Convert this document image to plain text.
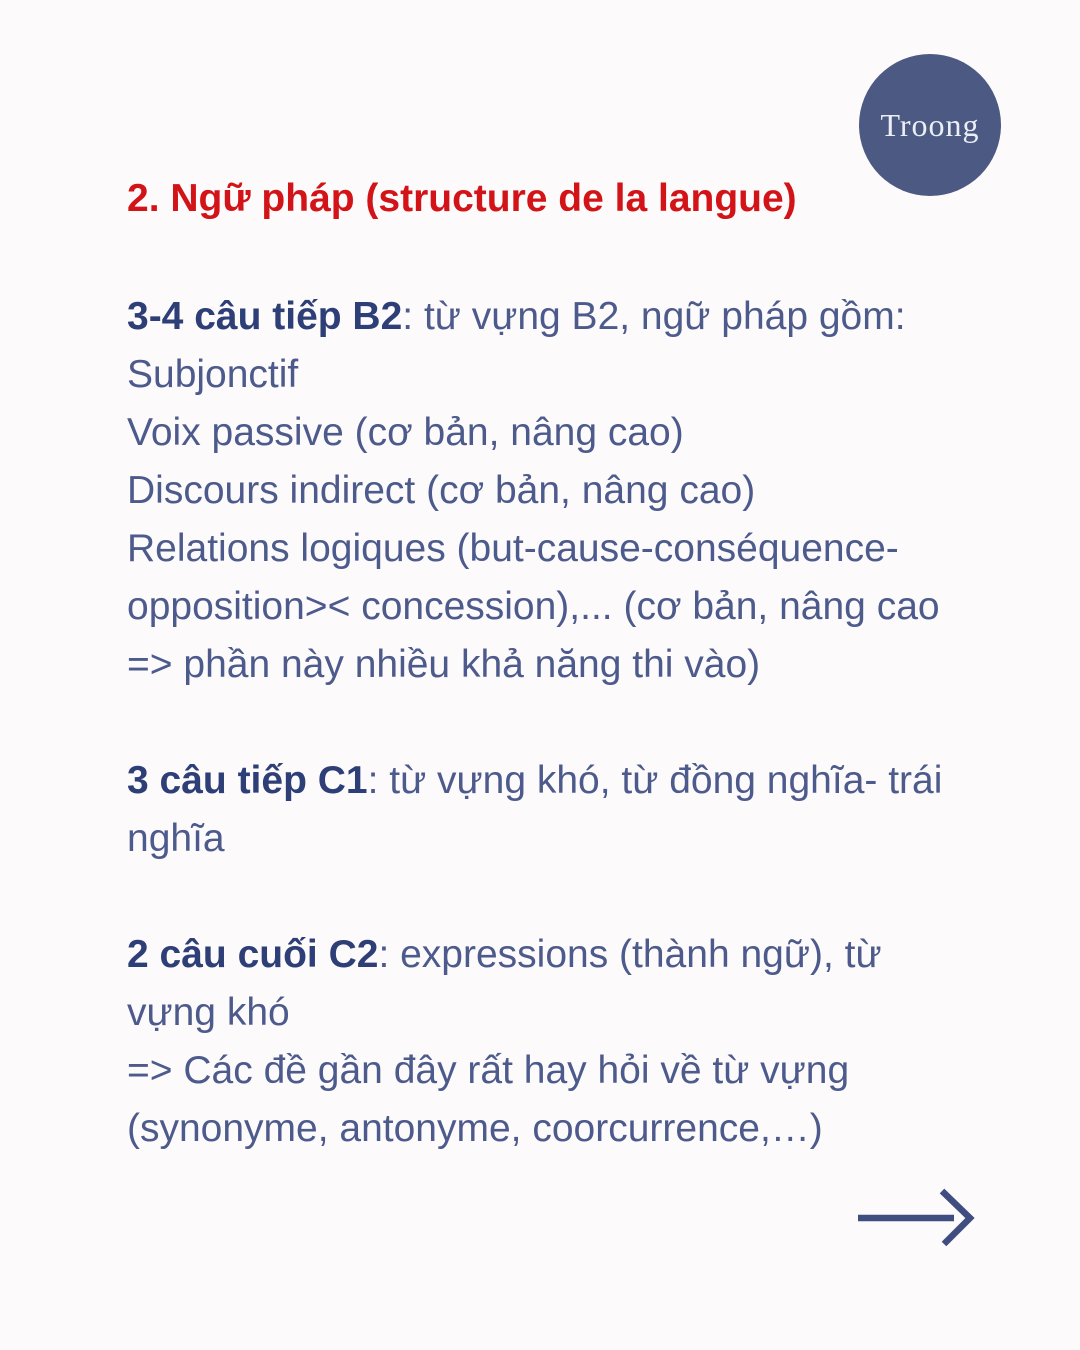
Troong
2. Ngữ pháp (structure de la langue)
3-4 câu tiếp B2: từ vựng B2, ngữ pháp gồm:
Subjonctif
Voix passive (cơ bản, nâng cao)
Discours indirect (cơ bản, nâng cao)
Relations logiques (but-cause-conséquence-
opposition>< concession),... (cơ bản, nâng cao
=> phần này nhiều khả năng thi vào)
3 câu tiếp C1: từ vựng khó, từ đồng nghĩa- trái
nghĩa
2 câu cuối C2: expressions (thành ngữ), từ
vựng khó
=> Các đề gần đây rất hay hỏi về từ vựng
(synonyme, antonyme, coorcurrence,…)
